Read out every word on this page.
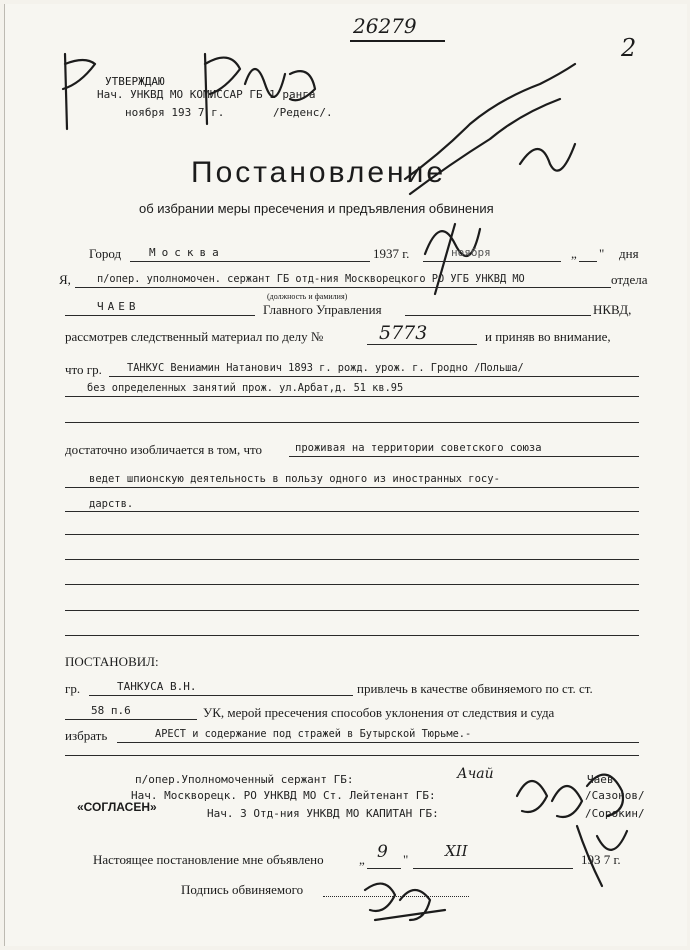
26279
2
УТВЕРЖДАЮ
Нач. УНКВД МО КОМИССАР ГБ 1 ранга
ноября 193 7 г.	/Реденс/.
Постановление
об избрании меры пресечения и предъявления обвинения
Город	Москва	1937 г.	ноября	„ " дня
Я,	п/опер. уполномочен. сержант ГБ отд-ния Москворецкого РО УГБ УНКВД МО	отдела
(должность и фамилия)
ЧАЕВ	Главного Управления	НКВД,
рассмотрев следственный материал по делу №	5773	и приняв во внимание,
что гр. ТАНКУС Вениамин Натанович 1893 г. рожд. урож. г. Гродно /Польша/
без определенных занятий прож. ул.Арбат,д. 51 кв.95
достаточно изобличается в том, что	проживая на территории советского союза
ведет шпионскую деятельность в пользу одного из иностранных госу-
дарств.
ПОСТАНОВИЛ:
гр.	ТАНКУСА В.Н.	привлечь в качестве обвиняемого по ст. ст.
58 п.6	УК, мерой пресечения способов уклонения от следствия и суда
избрать	АРЕСТ и содержание под стражей в Бутырской Тюрьме.-
п/опер.Уполномоченный сержант ГБ:	Ачай	Чаев
Нач. Москворецк. РО УНКВД МО Ст. Лейтенант ГБ:	/Сазонов/
«СОГЛАСЕН»	Нач. 3 Отд-ния УНКВД МО КАПИТАН ГБ:	/Сорокин/
Настоящее постановление мне объявлено	„ 9 " XII	193 7 г.
Подпись обвиняемого
